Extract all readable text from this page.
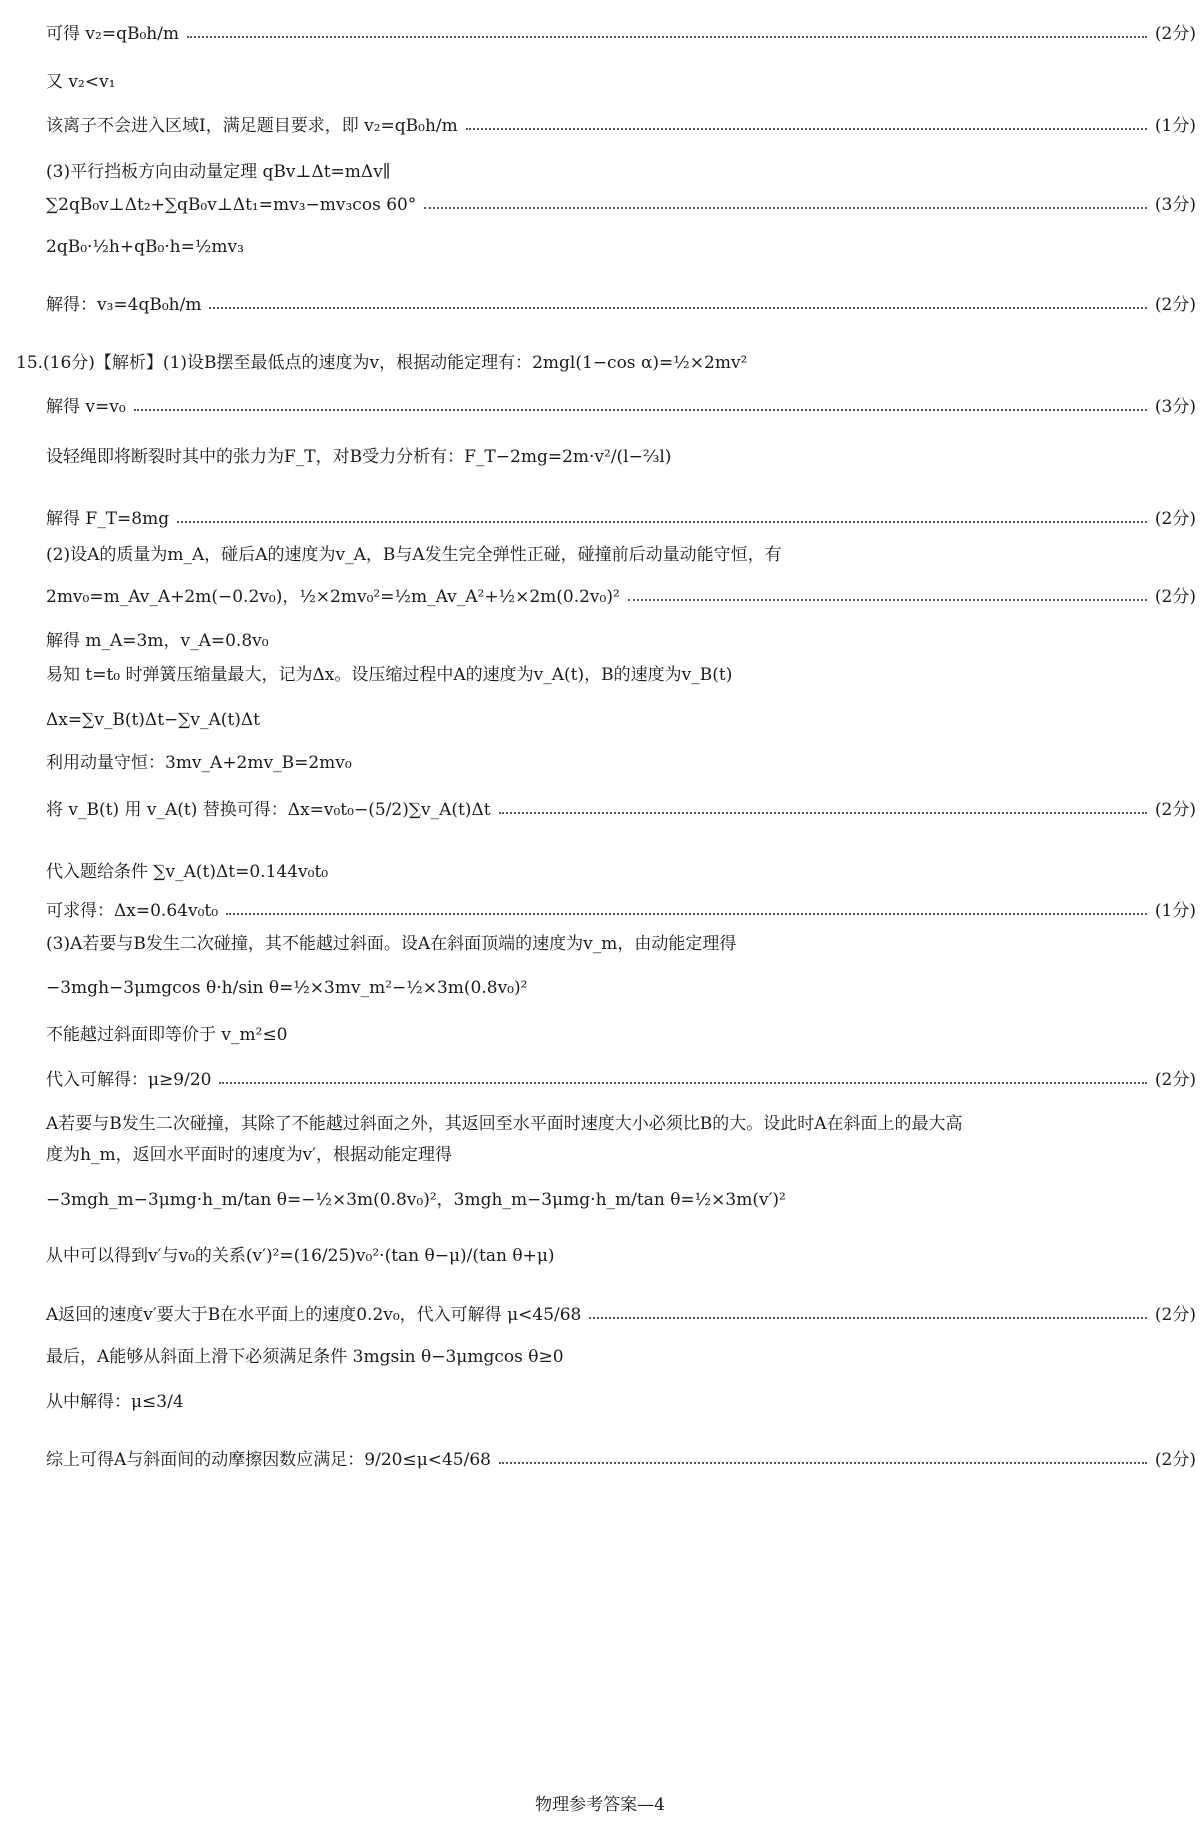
可得 v₂=qB₀h/m	(2分)
又 v₂<v₁
该离子不会进入区域Ⅰ，满足题目要求，即 v₂=qB₀h/m	(1分)
(3)平行挡板方向由动量定理 qBv⊥Δt=mΔv∥
∑2qB₀v⊥Δt₂+∑qB₀v⊥Δt₁=mv₃−mv₃cos 60°	(3分)
2qB₀·½h+qB₀·h=½mv₃
解得：v₃=4qB₀h/m	(2分)
15.(16分)【解析】(1)设B摆至最低点的速度为v，根据动能定理有：2mgl(1−cos α)=½×2mv²
解得 v=v₀	(3分)
设轻绳即将断裂时其中的张力为F_T，对B受力分析有：F_T−2mg=2m·v²/(l−⅔l)
解得 F_T=8mg	(2分)
(2)设A的质量为m_A，碰后A的速度为v_A，B与A发生完全弹性正碰，碰撞前后动量动能守恒，有
2mv₀=m_Av_A+2m(−0.2v₀)，½×2mv₀²=½m_Av_A²+½×2m(0.2v₀)²	(2分)
解得 m_A=3m，v_A=0.8v₀
易知 t=t₀ 时弹簧压缩量最大，记为Δx。设压缩过程中A的速度为v_A(t)，B的速度为v_B(t)
Δx=∑v_B(t)Δt−∑v_A(t)Δt
利用动量守恒：3mv_A+2mv_B=2mv₀
将 v_B(t) 用 v_A(t) 替换可得：Δx=v₀t₀−(5/2)∑v_A(t)Δt	(2分)
代入题给条件 ∑v_A(t)Δt=0.144v₀t₀
可求得：Δx=0.64v₀t₀	(1分)
(3)A若要与B发生二次碰撞，其不能越过斜面。设A在斜面顶端的速度为v_m，由动能定理得
−3mgh−3μmgcos θ·h/sin θ=½×3mv_m²−½×3m(0.8v₀)²
不能越过斜面即等价于 v_m²≤0
代入可解得：μ≥9/20	(2分)
A若要与B发生二次碰撞，其除了不能越过斜面之外，其返回至水平面时速度大小必须比B的大。设此时A在斜面上的最大高
度为h_m，返回水平面时的速度为v′，根据动能定理得
−3mgh_m−3μmg·h_m/tan θ=−½×3m(0.8v₀)²，3mgh_m−3μmg·h_m/tan θ=½×3m(v′)²
从中可以得到v′与v₀的关系(v′)²=(16/25)v₀²·(tan θ−μ)/(tan θ+μ)
A返回的速度v′要大于B在水平面上的速度0.2v₀，代入可解得 μ<45/68	(2分)
最后，A能够从斜面上滑下必须满足条件 3mgsin θ−3μmgcos θ≥0
从中解得：μ≤3/4
综上可得A与斜面间的动摩擦因数应满足：9/20≤μ<45/68	(2分)
物理参考答案—4
